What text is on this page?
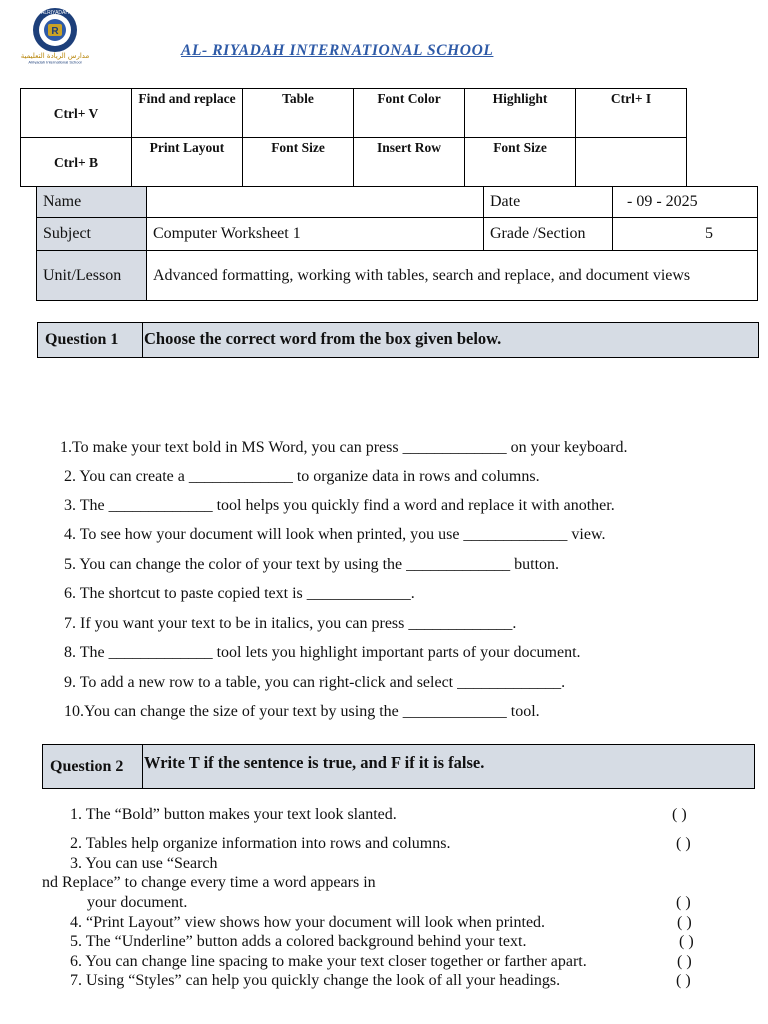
R
ALRIYADAH
مدارس الريادة التعليمية
Alriyadah International School
AL- RIYADAH INTERNATIONAL SCHOOL
Ctrl+ V	Find and replace	Table	Font Color	Highlight	Ctrl+ I

Ctrl+ B	Print Layout	Font Size	Insert Row	Font Size	

Name		Date	- 09 - 2025
Subject	Computer Worksheet 1	Grade /Section	5
Unit/Lesson	Advanced formatting, working with tables, search and replace, and document views		
Question 1	Choose the correct word from the box given below.
1.To make your text bold in MS Word, you can press _____________ on your keyboard.
2. You can create a _____________ to organize data in rows and columns.
3. The _____________ tool helps you quickly find a word and replace it with another.
4. To see how your document will look when printed, you use _____________ view.
5. You can change the color of your text by using the _____________ button.
6. The shortcut to paste copied text is _____________.
7. If you want your text to be in italics, you can press _____________.
8. The _____________ tool lets you highlight important parts of your document.
9. To add a new row to a table, you can right-click and select _____________.
10.You can change the size of your text by using the _____________ tool.
Question 2	Write T if the sentence is true, and F if it is false.
1. The “Bold” button makes your text look slanted.	( )
2. Tables help organize information into rows and columns.	( )
3. You can use “Search
nd Replace” to change every time a word appears in
your document.	( )
4. “Print Layout” view shows how your document will look when printed.	( )
5. The “Underline” button adds a colored background behind your text.	( )
6. You can change line spacing to make your text closer together or farther apart.	( )
7. Using “Styles” can help you quickly change the look of all your headings.	( )
